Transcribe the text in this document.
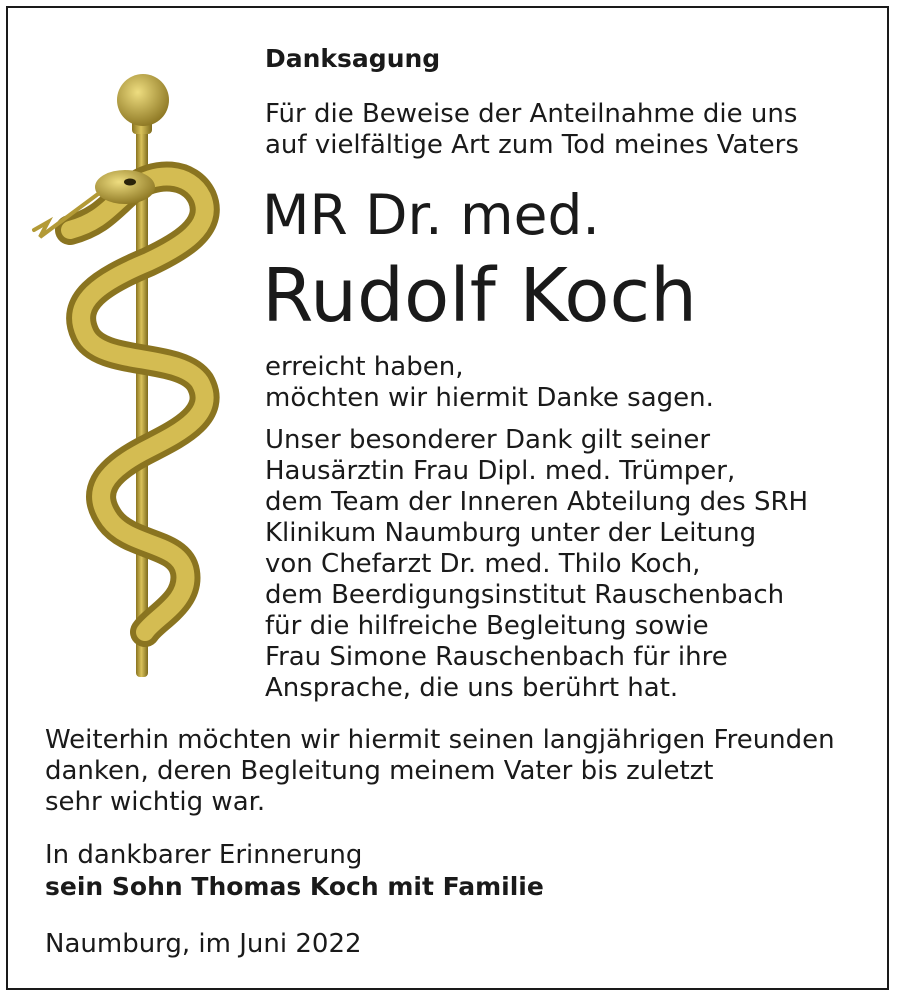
Danksagung
Für die Beweise der Anteilnahme die uns
auf vielfältige Art zum Tod meines Vaters
MR Dr. med.
Rudolf Koch
erreicht haben,
möchten wir hiermit Danke sagen.
Unser besonderer Dank gilt seiner
Hausärztin Frau Dipl. med. Trümper,
dem Team der Inneren Abteilung des SRH
Klinikum Naumburg unter der Leitung
von Chefarzt Dr. med. Thilo Koch,
dem Beerdigungsinstitut Rauschenbach
für die hilfreiche Begleitung sowie
Frau Simone Rauschenbach für ihre
Ansprache, die uns berührt hat.
Weiterhin möchten wir hiermit seinen langjährigen Freunden
danken, deren Begleitung meinem Vater bis zuletzt
sehr wichtig war.

In dankbarer Erinnerung

sein Sohn Thomas Koch mit Familie

Naumburg, im Juni 2022
